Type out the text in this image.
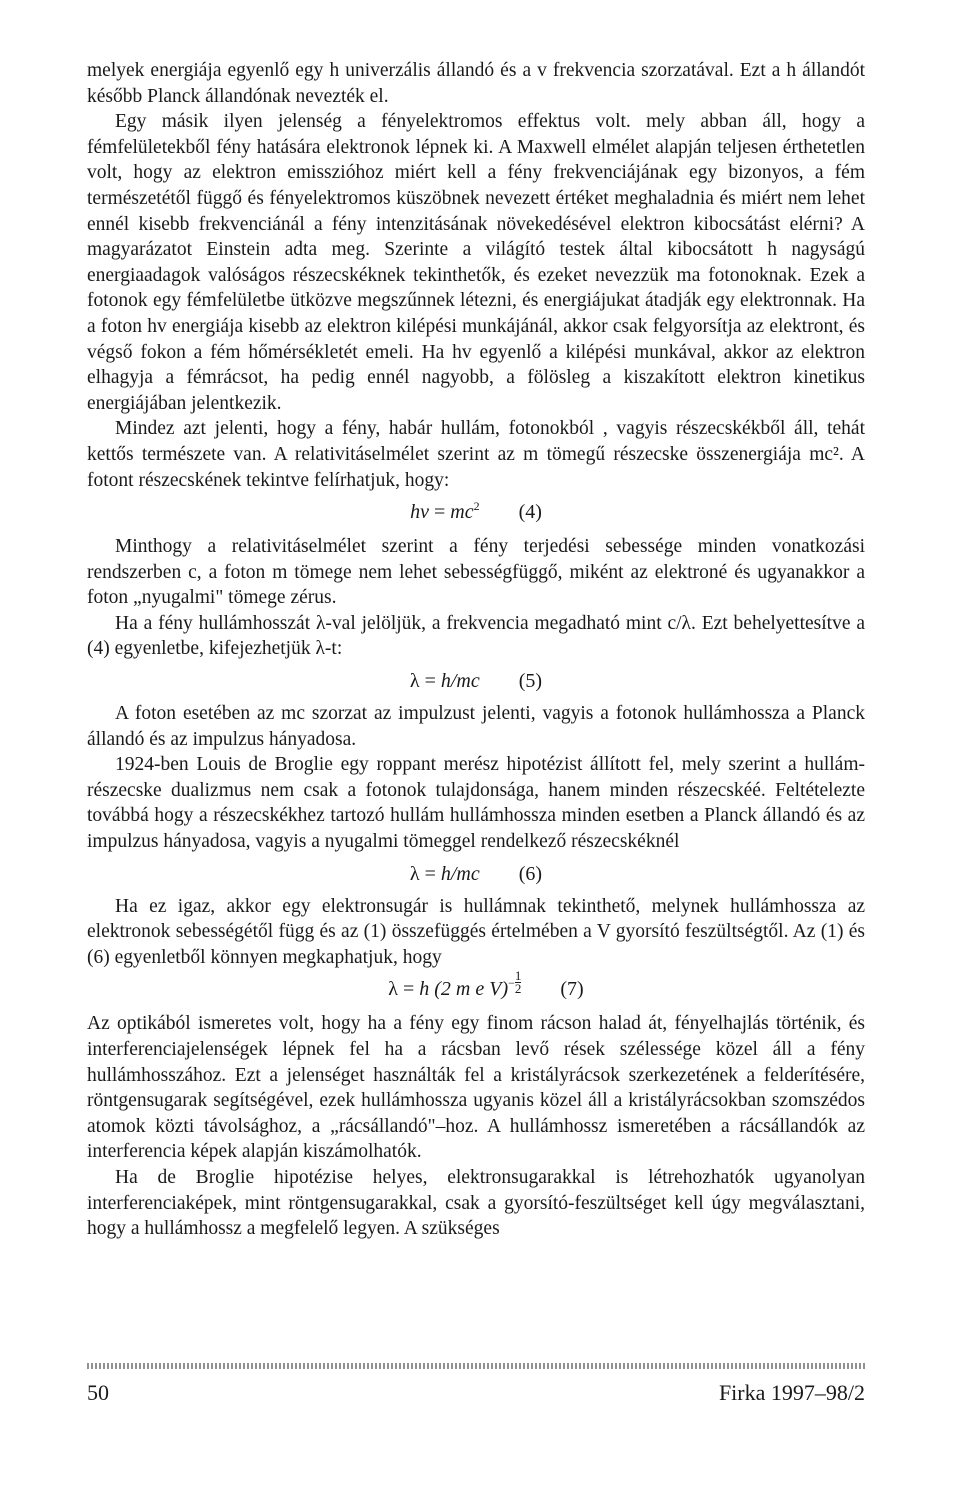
melyek energiája egyenlő egy h univerzális állandó és a v frekvencia szorzatával. Ezt a h állandót később Planck állandónak nevezték el.

Egy másik ilyen jelenség a fényelektromos effektus volt. mely abban áll, hogy a fémfelületekből fény hatására elektronok lépnek ki. A Maxwell elmélet alapján teljesen érthetetlen volt, hogy az elektron emisszióhoz miért kell a fény frekvenciájának egy bizonyos, a fém természetétől függő és fényelektromos küszöbnek nevezett értéket meghaladnia és miért nem lehet ennél kisebb frekvenciánál a fény intenzitásának növekedésével elektron kibocsátást elérni? A magyarázatot Einstein adta meg. Szerinte a világító testek által kibocsátott h nagyságú energiaadagok valóságos részecskéknek tekinthetők, és ezeket nevezzük ma fotonoknak. Ezek a fotonok egy fémfelületbe ütközve megszűnnek létezni, és energiájukat átadják egy elektronnak. Ha a foton hv energiája kisebb az elektron kilépési munkájánál, akkor csak felgyorsítja az elektront, és végső fokon a fém hőmérsékletét emeli. Ha hv egyenlő a kilépési munkával, akkor az elektron elhagyja a fémrácsot, ha pedig ennél nagyobb, a fölösleg a kiszakított elektron kinetikus energiájában jelentkezik.

Mindez azt jelenti, hogy a fény, habár hullám, fotonokból , vagyis részecskékből áll, tehát kettős természete van. A relativitáselmélet szerint az m tömegű részecske összenergiája mc². A fotont részecskének tekintve felírhatjuk, hogy:

hv = $mc^2$ (4)

Minthogy a relativitáselmélet szerint a fény terjedési sebessége minden vonatkozási rendszerben c, a foton m tömege nem lehet sebességfüggő, miként az elektroné és ugyanakkor a foton „nyugalmi" tömege zérus.

Ha a fény hullámhosszát λ-val jelöljük, a frekvencia megadható mint c/λ. Ezt behelyettesítve a (4) egyenletbe, kifejezhetjük λ-t:

λ = h/mc (5)

A foton esetében az mc szorzat az impulzust jelenti, vagyis a fotonok hullámhossza a Planck állandó és az impulzus hányadosa.

1924-ben Louis de Broglie egy roppant merész hipotézist állított fel, mely szerint a hullám-részecske dualizmus nem csak a fotonok tulajdonsága, hanem minden részecskéé. Feltételezte továbbá hogy a részecskékhez tartozó hullám hullámhossza minden esetben a Planck állandó és az impulzus hányadosa, vagyis a nyugalmi tömeggel rendelkező részecskéknél

λ = h/mc (6)

Ha ez igaz, akkor egy elektronsugár is hullámnak tekinthető, melynek hullámhossza az elektronok sebességétől függ és az (1) összefüggés értelmében a V gyorsító feszültségtől. Az (1) és (6) egyenletből könnyen megkaphatjuk, hogy

λ = h (2 m e $V)^- \frac{1}{2} (7)$

Az optikából ismeretes volt, hogy ha a fény egy finom rácson halad át, fényelhajlás történik, és interferenciajelenségek lépnek fel ha a rácsban levő rések szélessége közel áll a fény hullámhosszához. Ezt a jelenséget használták fel a kristályrácsok szerkezetének a felderítésére, röntgensugarak segítségével, ezek hullámhossza ugyanis közel áll a kristályrácsokban szomszédos atomok közti távolsághoz, a „rácsállandó"–hoz. A hullámhossz ismeretében a rácsállandók az interferencia képek alapján kiszámolhatók.

Ha de Broglie hipotézise helyes, elektronsugarakkal is létrehozhatók ugyanolyan interferenciaképek, mint röntgensugarakkal, csak a gyorsító-feszültséget kell úgy megválasztani, hogy a hullámhossz a megfelelő legyen. A szükséges

50	Firka 1997–98/2
